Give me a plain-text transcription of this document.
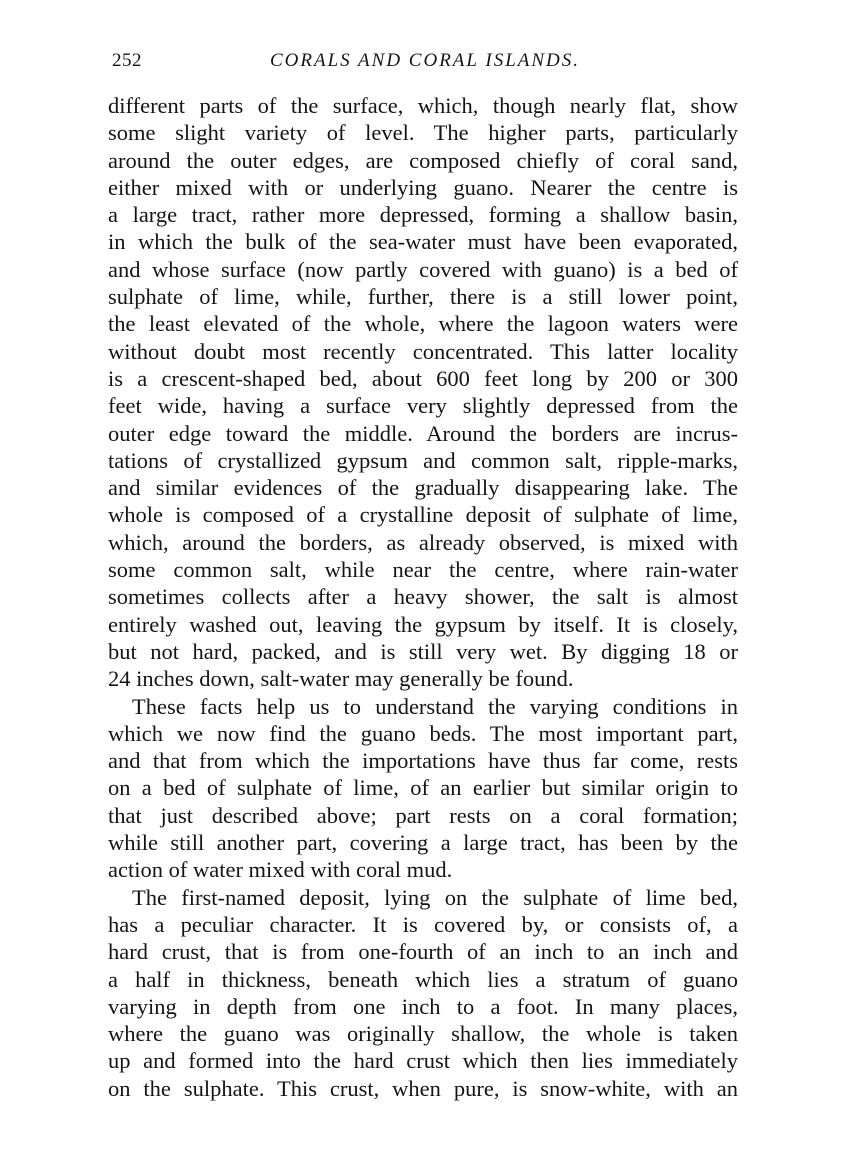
252	CORALS AND CORAL ISLANDS.
different parts of the surface, which, though nearly flat, show
some slight variety of level. The higher parts, particularly
around the outer edges, are composed chiefly of coral sand,
either mixed with or underlying guano. Nearer the centre is
a large tract, rather more depressed, forming a shallow basin,
in which the bulk of the sea-water must have been evaporated,
and whose surface (now partly covered with guano) is a bed of
sulphate of lime, while, further, there is a still lower point,
the least elevated of the whole, where the lagoon waters were
without doubt most recently concentrated. This latter locality
is a crescent-shaped bed, about 600 feet long by 200 or 300
feet wide, having a surface very slightly depressed from the
outer edge toward the middle. Around the borders are incrus-
tations of crystallized gypsum and common salt, ripple-marks,
and similar evidences of the gradually disappearing lake. The
whole is composed of a crystalline deposit of sulphate of lime,
which, around the borders, as already observed, is mixed with
some common salt, while near the centre, where rain-water
sometimes collects after a heavy shower, the salt is almost
entirely washed out, leaving the gypsum by itself. It is closely,
but not hard, packed, and is still very wet. By digging 18 or
24 inches down, salt-water may generally be found.
These facts help us to understand the varying conditions in
which we now find the guano beds. The most important part,
and that from which the importations have thus far come, rests
on a bed of sulphate of lime, of an earlier but similar origin to
that just described above; part rests on a coral formation;
while still another part, covering a large tract, has been by the
action of water mixed with coral mud.
The first-named deposit, lying on the sulphate of lime bed,
has a peculiar character. It is covered by, or consists of, a
hard crust, that is from one-fourth of an inch to an inch and
a half in thickness, beneath which lies a stratum of guano
varying in depth from one inch to a foot. In many places,
where the guano was originally shallow, the whole is taken
up and formed into the hard crust which then lies immediately
on the sulphate. This crust, when pure, is snow-white, with an
